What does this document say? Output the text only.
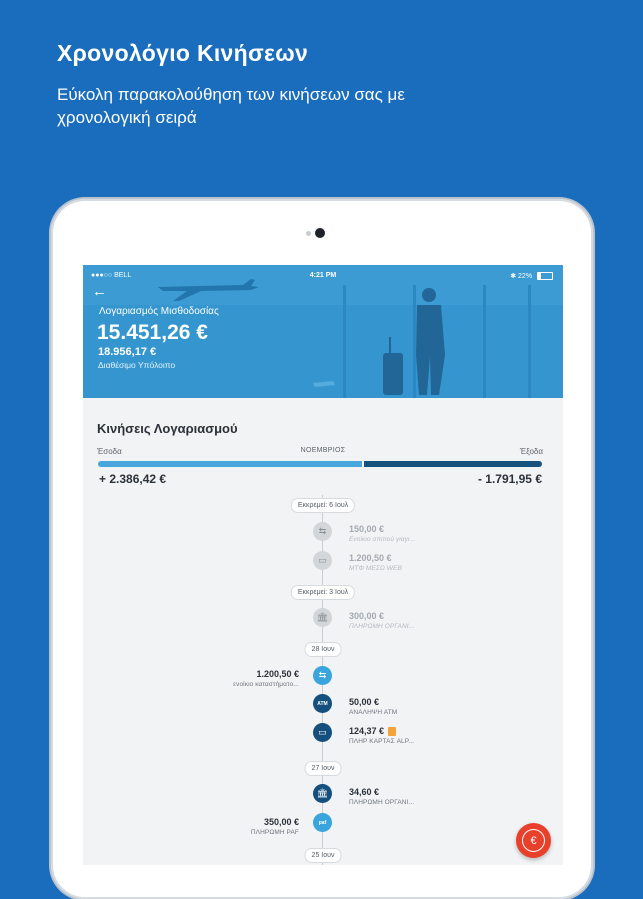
Χρονολόγιο Κινήσεων
Εύκολη παρακολούθηση των κινήσεων σας με χρονολογική σειρά
●●●○○ BELL	4:21 PM	✱ 22%
←
Λογαριασμός Μισθοδοσίας
15.451,26 €
18.956,17 €
Διαθέσιμο Υπόλοιπο
Κινήσεις Λογαριασμού
Έσοδα	ΝΟΕΜΒΡΙΟΣ	Έξοδα
+ 2.386,42 €	- 1.791,95 €
Εκκρεμεί: 6 Ιουλ
⇆	150,00 €
Ενοίκιο σπιτιού γιαγι...
▭	1.200,50 €
ΜΤΦ ΜΕΣΩ WEB
Εκκρεμεί: 3 Ιουλ
🏛	300,00 €
ΠΛΗΡΩΜΗ ΟΡΓΑΝΙ...
28 Ιουν
⇆
1.200,50 €
ενοίκιο καταστήματο...
ATM	50,00 €
ΑΝΑΛΗΨΗ ΑΤΜ
▭	124,37 €
ΠΛΗΡ ΚΑΡΤΑΣ ALP...
27 Ιουν
🏛	34,60 €
ΠΛΗΡΩΜΗ ΟΡΓΑΝΙ...
paf
350,00 €
ΠΛΗΡΩΜΗ PAF
25 Ιουν
€
